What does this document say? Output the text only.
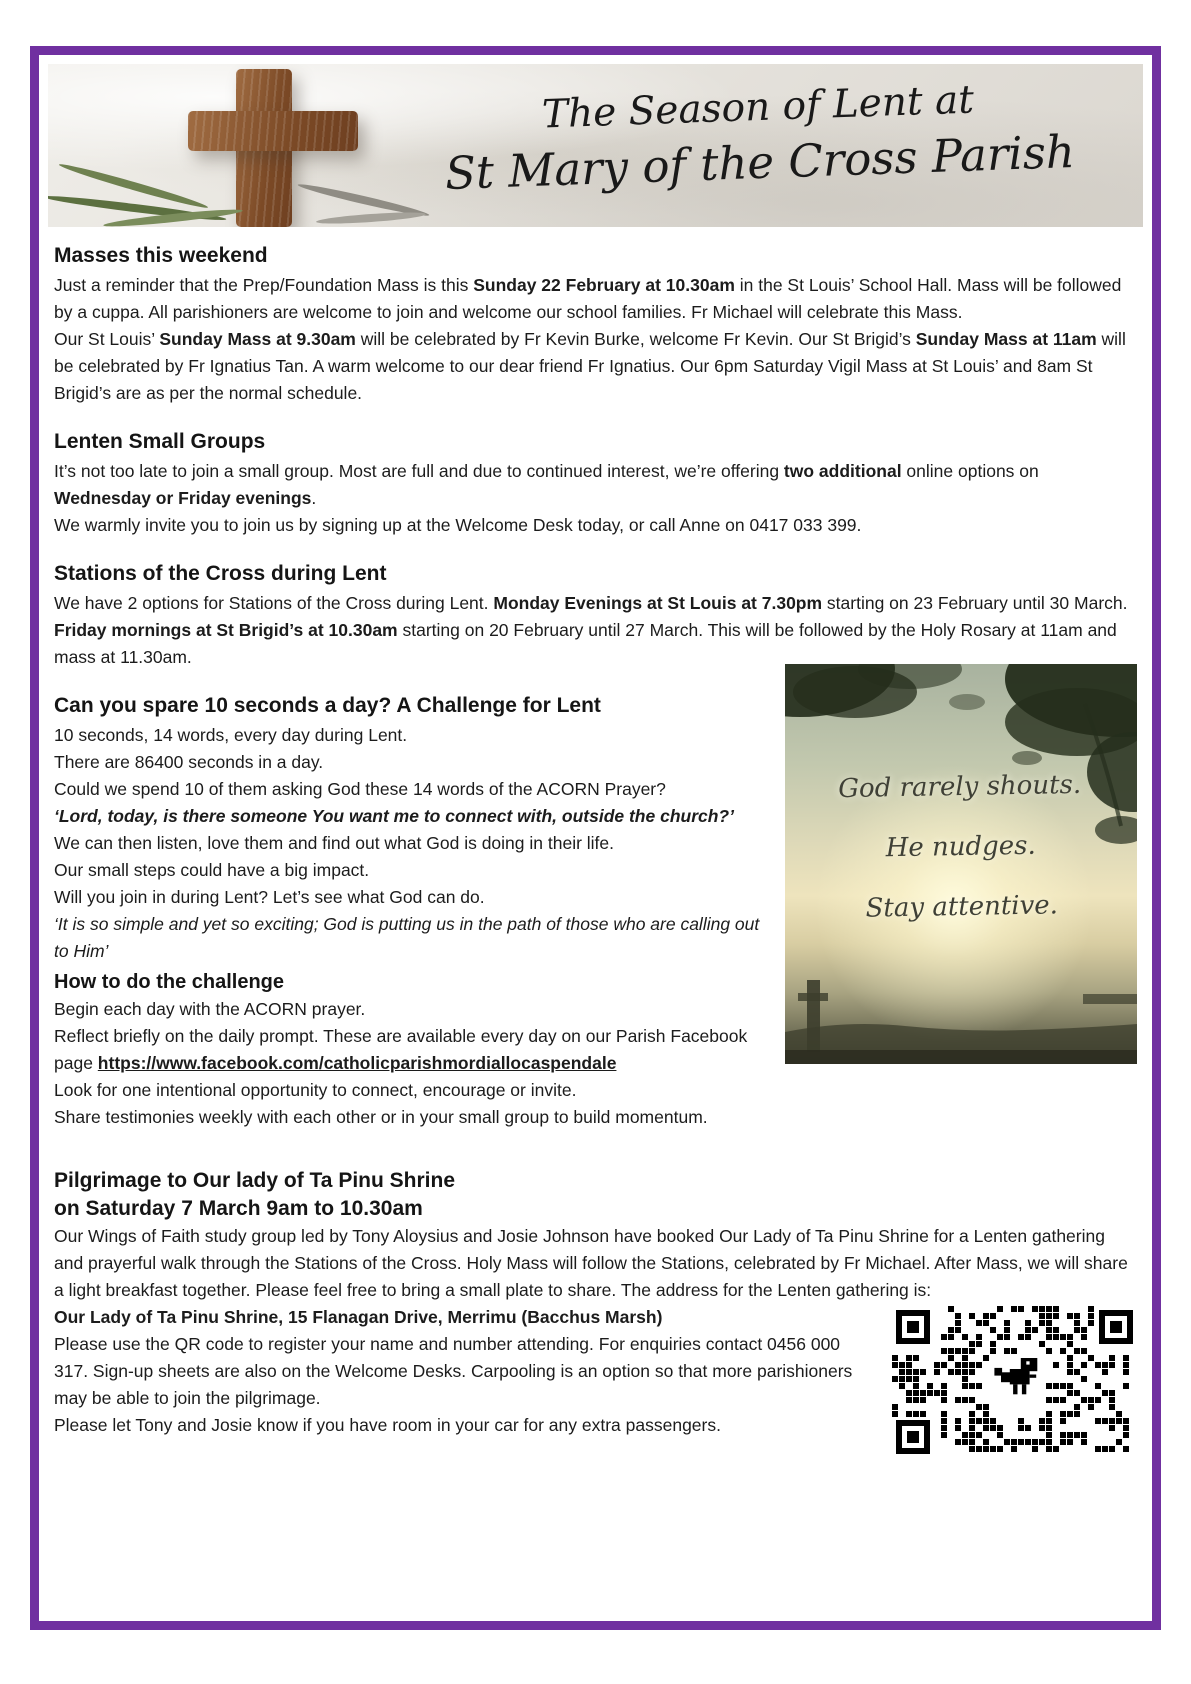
The Season of Lent at
St Mary of the Cross Parish
Masses this weekend

Just a reminder that the Prep/Foundation Mass is this Sunday 22 February at 10.30am in the St Louis’ School Hall. Mass will be followed by a cuppa. All parishioners are welcome to join and welcome our school families. Fr Michael will celebrate this Mass.

Our St Louis’ Sunday Mass at 9.30am will be celebrated by Fr Kevin Burke, welcome Fr Kevin. Our St Brigid’s Sunday Mass at 11am will be celebrated by Fr Ignatius Tan. A warm welcome to our dear friend Fr Ignatius. Our 6pm Saturday Vigil Mass at St Louis’ and 8am St Brigid’s are as per the normal schedule.

Lenten Small Groups

It’s not too late to join a small group. Most are full and due to continued interest, we’re offering two additional online options on Wednesday or Friday evenings.

We warmly invite you to join us by signing up at the Welcome Desk today, or call Anne on 0417 033 399.

Stations of the Cross during Lent

We have 2 options for Stations of the Cross during Lent. Monday Evenings at St Louis at 7.30pm starting on 23 February until 30 March. Friday mornings at St Brigid’s at 10.30am starting on 20 February until 27 March. This will be followed by the Holy Rosary at 11am and mass at 11.30am.

God rarely shouts.
He nudges.
Stay attentive.
Can you spare 10 seconds a day? A Challenge for Lent

10 seconds, 14 words, every day during Lent.

There are 86400 seconds in a day.

Could we spend 10 of them asking God these 14 words of the ACORN Prayer?

‘Lord, today, is there someone You want me to connect with, outside the church?’

We can then listen, love them and find out what God is doing in their life.

Our small steps could have a big impact.

Will you join in during Lent? Let’s see what God can do.

‘It is so simple and yet so exciting; God is putting us in the path of those who are calling out to Him’

How to do the challenge

Begin each day with the ACORN prayer.

Reflect briefly on the daily prompt. These are available every day on our Parish Facebook page https://www.facebook.com/catholicparishmordiallocaspendale

Look for one intentional opportunity to connect, encourage or invite.

Share testimonies weekly with each other or in your small group to build momentum.

Pilgrimage to Our lady of Ta Pinu Shrine
on Saturday 7 March 9am to 10.30am

Our Wings of Faith study group led by Tony Aloysius and Josie Johnson have booked Our Lady of Ta Pinu Shrine for a Lenten gathering and prayerful walk through the Stations of the Cross. Holy Mass will follow the Stations, celebrated by Fr Michael. After Mass, we will share a light breakfast together. Please feel free to bring a small plate to share. The address for the Lenten gathering is:

Our Lady of Ta Pinu Shrine, 15 Flanagan Drive, Merrimu (Bacchus Marsh)

Please use the QR code to register your name and number attending. For enquiries contact 0456 000 317. Sign-up sheets are also on the Welcome Desks. Carpooling is an option so that more parishioners may be able to join the pilgrimage.

Please let Tony and Josie know if you have room in your car for any extra passengers.
